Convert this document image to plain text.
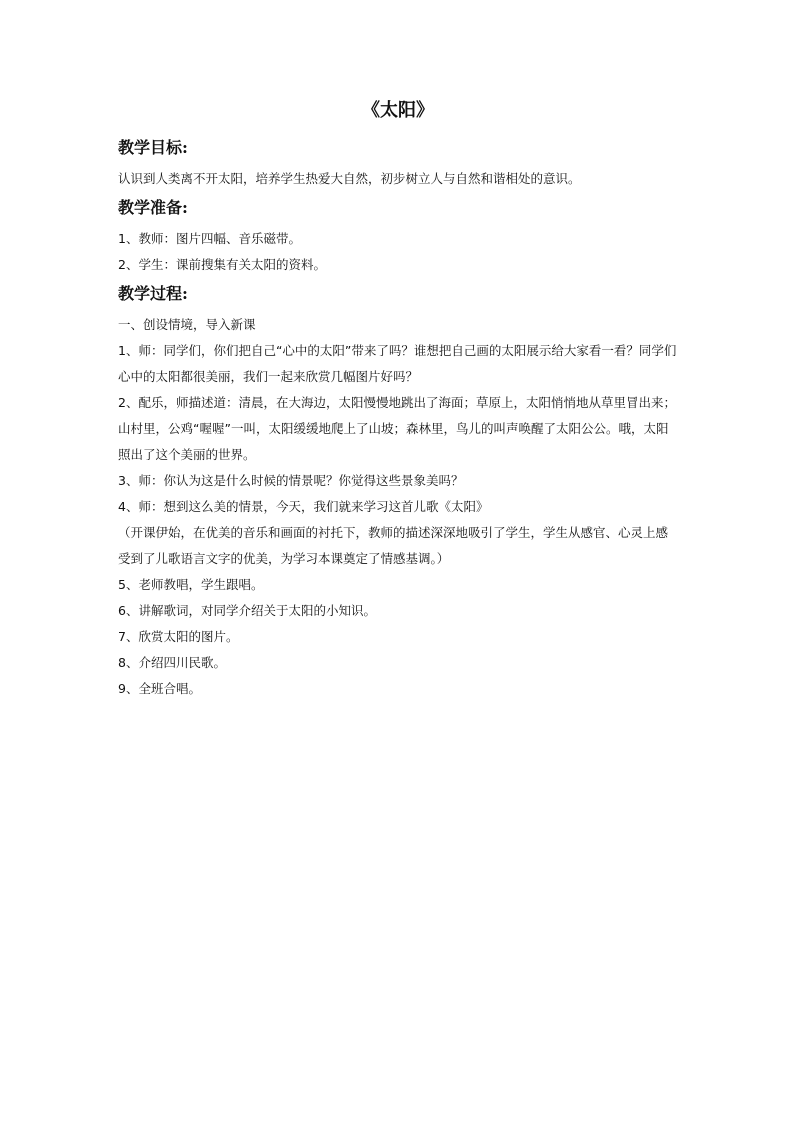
《太阳》
教学目标:

认识到人类离不开太阳，培养学生热爱大自然，初步树立人与自然和谐相处的意识。

教学准备:

1、教师：图片四幅、音乐磁带。

2、学生：课前搜集有关太阳的资料。

教学过程:

一、创设情境，导入新课

1、师：同学们，你们把自己“心中的太阳”带来了吗？谁想把自己画的太阳展示给大家看一看？同学们心中的太阳都很美丽，我们一起来欣赏几幅图片好吗？

2、配乐，师描述道：清晨，在大海边，太阳慢慢地跳出了海面；草原上，太阳悄悄地从草里冒出来；山村里，公鸡“喔喔”一叫，太阳缓缓地爬上了山坡；森林里，鸟儿的叫声唤醒了太阳公公。哦，太阳照出了这个美丽的世界。

3、师：你认为这是什么时候的情景呢？你觉得这些景象美吗？

4、师：想到这么美的情景，今天，我们就来学习这首儿歌《太阳》

（开课伊始，在优美的音乐和画面的衬托下，教师的描述深深地吸引了学生，学生从感官、心灵上感受到了儿歌语言文字的优美，为学习本课奠定了情感基调。）

5、老师教唱，学生跟唱。

6、讲解歌词，对同学介绍关于太阳的小知识。

7、欣赏太阳的图片。

8、介绍四川民歌。

9、全班合唱。
